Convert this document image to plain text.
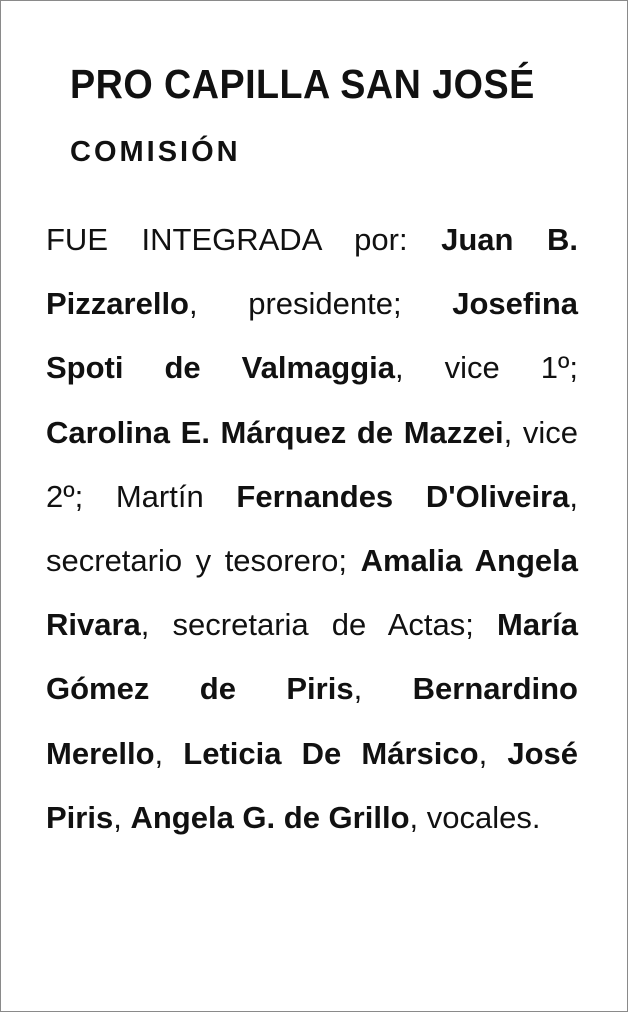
PRO CAPILLA SAN JOSÉ
COMISIÓN

FUE INTEGRADA por: Juan B. Pizzarello, presidente; Josefina Spoti de Valmaggia, vice 1º; Carolina E. Márquez de Mazzei, vice 2º; Martín Fernandes D'Oliveira, secretario y tesorero; Amalia Angela Rivara, secretaria de Actas; María Gómez de Piris, Bernardino Merello, Leticia De Mársico, José Piris, Angela G. de Grillo, vocales.
